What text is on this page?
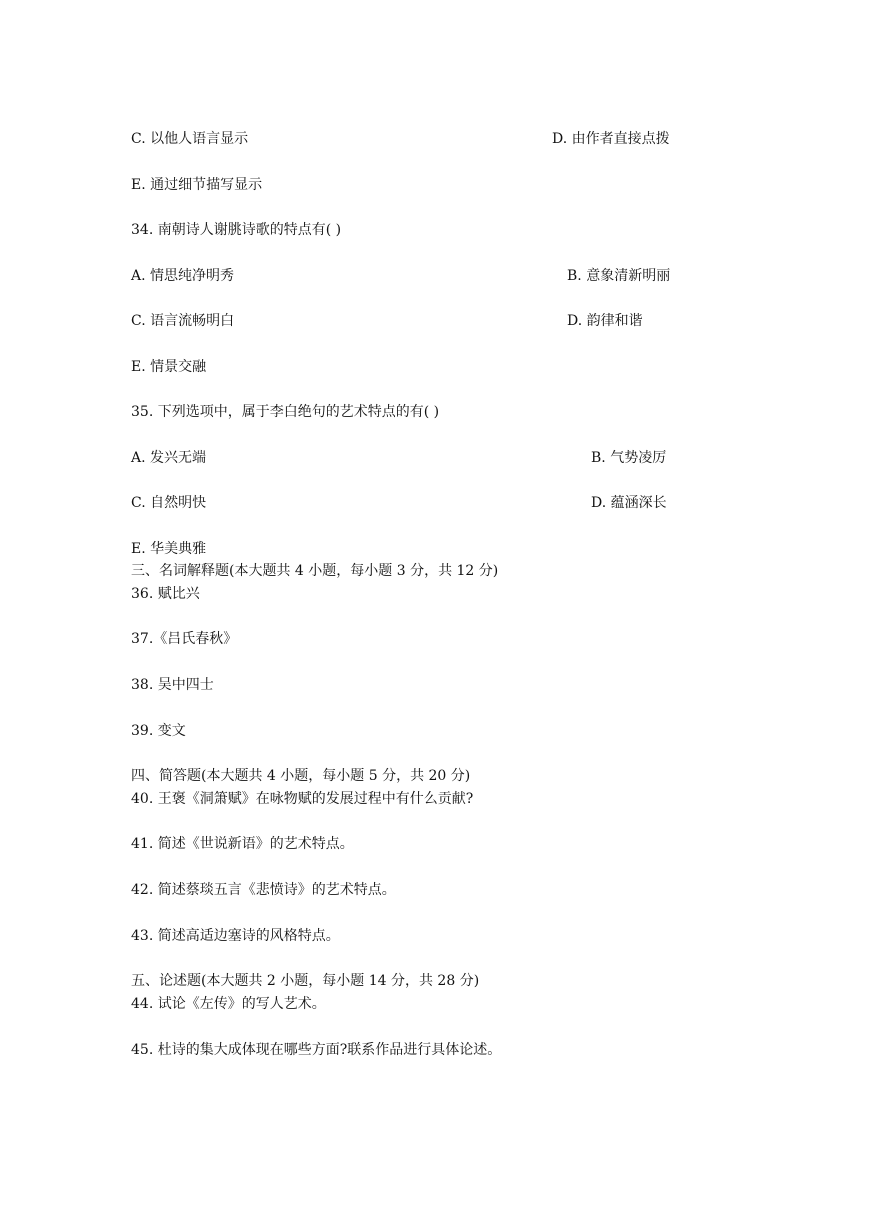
C. 以他人语言显示	D. 由作者直接点拨
E. 通过细节描写显示
34. 南朝诗人谢朓诗歌的特点有( )
A. 情思纯净明秀	B. 意象清新明丽
C. 语言流畅明白	D. 韵律和谐
E. 情景交融
35. 下列选项中，属于李白绝句的艺术特点的有( )
A. 发兴无端	B. 气势凌厉
C. 自然明快	D. 蕴涵深长
E. 华美典雅
三、名词解释题(本大题共 4 小题，每小题 3 分，共 12 分)
36. 赋比兴
37.《吕氏春秋》
38. 吴中四士
39. 变文
四、简答题(本大题共 4 小题，每小题 5 分，共 20 分)
40. 王褒《洞箫赋》在咏物赋的发展过程中有什么贡献?
41. 简述《世说新语》的艺术特点。
42. 简述蔡琰五言《悲愤诗》的艺术特点。
43. 简述高适边塞诗的风格特点。
五、论述题(本大题共 2 小题，每小题 14 分，共 28 分)
44. 试论《左传》的写人艺术。
45. 杜诗的集大成体现在哪些方面?联系作品进行具体论述。
